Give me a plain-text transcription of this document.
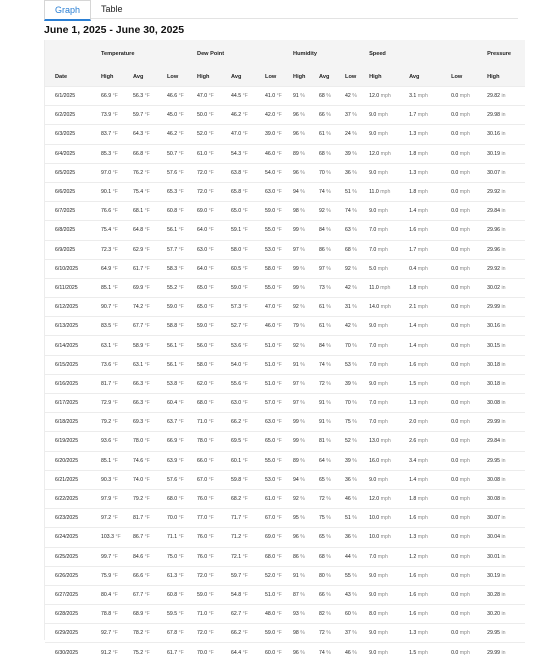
Graph	Table
June 1, 2025 - June 30, 2025
	Temperature			Dew Point			Humidity			Speed			Pressure
Date	High	Avg	Low	High	Avg	Low	High	Avg	Low	High	Avg	Low	High
6/1/2025	66.9 °F	56.3 °F	46.6 °F	47.0 °F	44.5 °F	41.0 °F	91 %	68 %	42 %	12.0 mph	3.1 mph	0.0 mph	29.82 in
6/2/2025	73.9 °F	59.7 °F	45.0 °F	50.0 °F	46.2 °F	42.0 °F	96 %	66 %	37 %	9.0 mph	1.7 mph	0.0 mph	29.98 in
6/3/2025	83.7 °F	64.3 °F	46.2 °F	52.0 °F	47.0 °F	39.0 °F	96 %	61 %	24 %	9.0 mph	1.3 mph	0.0 mph	30.16 in
6/4/2025	85.3 °F	66.8 °F	50.7 °F	61.0 °F	54.3 °F	46.0 °F	89 %	68 %	39 %	12.0 mph	1.8 mph	0.0 mph	30.19 in
6/5/2025	97.0 °F	76.2 °F	57.6 °F	72.0 °F	63.8 °F	54.0 °F	96 %	70 %	36 %	9.0 mph	1.3 mph	0.0 mph	30.07 in
6/6/2025	90.1 °F	75.4 °F	65.3 °F	72.0 °F	65.8 °F	63.0 °F	94 %	74 %	51 %	11.0 mph	1.8 mph	0.0 mph	29.92 in
6/7/2025	76.6 °F	68.1 °F	60.8 °F	69.0 °F	65.0 °F	59.0 °F	98 %	92 %	74 %	9.0 mph	1.4 mph	0.0 mph	29.84 in
6/8/2025	75.4 °F	64.8 °F	56.1 °F	64.0 °F	59.1 °F	55.0 °F	99 %	84 %	63 %	7.0 mph	1.6 mph	0.0 mph	29.96 in
6/9/2025	72.3 °F	62.9 °F	57.7 °F	63.0 °F	58.0 °F	53.0 °F	97 %	86 %	68 %	7.0 mph	1.7 mph	0.0 mph	29.96 in
6/10/2025	64.9 °F	61.7 °F	58.3 °F	64.0 °F	60.5 °F	58.0 °F	99 %	97 %	92 %	5.0 mph	0.4 mph	0.0 mph	29.92 in
6/11/2025	85.1 °F	69.9 °F	55.2 °F	65.0 °F	59.0 °F	55.0 °F	99 %	73 %	42 %	11.0 mph	1.8 mph	0.0 mph	30.02 in
6/12/2025	90.7 °F	74.2 °F	59.0 °F	65.0 °F	57.3 °F	47.0 °F	92 %	61 %	31 %	14.0 mph	2.1 mph	0.0 mph	29.99 in
6/13/2025	83.5 °F	67.7 °F	58.8 °F	59.0 °F	52.7 °F	46.0 °F	79 %	61 %	42 %	9.0 mph	1.4 mph	0.0 mph	30.16 in
6/14/2025	63.1 °F	58.9 °F	56.1 °F	56.0 °F	53.6 °F	51.0 °F	92 %	84 %	70 %	7.0 mph	1.4 mph	0.0 mph	30.15 in
6/15/2025	73.6 °F	63.1 °F	56.1 °F	58.0 °F	54.0 °F	51.0 °F	91 %	74 %	53 %	7.0 mph	1.6 mph	0.0 mph	30.18 in
6/16/2025	81.7 °F	66.3 °F	53.8 °F	62.0 °F	55.6 °F	51.0 °F	97 %	72 %	39 %	9.0 mph	1.5 mph	0.0 mph	30.18 in
6/17/2025	72.9 °F	66.3 °F	60.4 °F	68.0 °F	63.0 °F	57.0 °F	97 %	91 %	70 %	7.0 mph	1.3 mph	0.0 mph	30.08 in
6/18/2025	79.2 °F	69.3 °F	63.7 °F	71.0 °F	66.2 °F	63.0 °F	99 %	91 %	75 %	7.0 mph	2.0 mph	0.0 mph	29.99 in
6/19/2025	93.6 °F	78.0 °F	66.9 °F	78.0 °F	69.5 °F	65.0 °F	99 %	81 %	52 %	13.0 mph	2.6 mph	0.0 mph	29.84 in
6/20/2025	85.1 °F	74.6 °F	63.9 °F	66.0 °F	60.1 °F	55.0 °F	89 %	64 %	39 %	16.0 mph	3.4 mph	0.0 mph	29.95 in
6/21/2025	90.3 °F	74.0 °F	57.6 °F	67.0 °F	59.8 °F	53.0 °F	94 %	65 %	36 %	9.0 mph	1.4 mph	0.0 mph	30.08 in
6/22/2025	97.9 °F	79.2 °F	68.0 °F	76.0 °F	68.2 °F	61.0 °F	92 %	72 %	46 %	12.0 mph	1.8 mph	0.0 mph	30.08 in
6/23/2025	97.2 °F	81.7 °F	70.0 °F	77.0 °F	71.7 °F	67.0 °F	95 %	75 %	51 %	10.0 mph	1.6 mph	0.0 mph	30.07 in
6/24/2025	103.3 °F	86.7 °F	71.1 °F	76.0 °F	71.2 °F	69.0 °F	96 %	65 %	36 %	10.0 mph	1.3 mph	0.0 mph	30.04 in
6/25/2025	99.7 °F	84.6 °F	75.0 °F	76.0 °F	72.1 °F	68.0 °F	86 %	68 %	44 %	7.0 mph	1.2 mph	0.0 mph	30.01 in
6/26/2025	75.9 °F	66.6 °F	61.3 °F	72.0 °F	59.7 °F	52.0 °F	91 %	80 %	55 %	9.0 mph	1.6 mph	0.0 mph	30.19 in
6/27/2025	80.4 °F	67.7 °F	60.8 °F	59.0 °F	54.8 °F	51.0 °F	87 %	66 %	43 %	9.0 mph	1.6 mph	0.0 mph	30.28 in
6/28/2025	78.8 °F	68.9 °F	59.5 °F	71.0 °F	62.7 °F	48.0 °F	93 %	82 %	60 %	8.0 mph	1.6 mph	0.0 mph	30.20 in
6/29/2025	92.7 °F	78.2 °F	67.8 °F	72.0 °F	66.2 °F	59.0 °F	98 %	72 %	37 %	9.0 mph	1.3 mph	0.0 mph	29.95 in
6/30/2025	91.2 °F	75.2 °F	61.7 °F	70.0 °F	64.4 °F	60.0 °F	96 %	74 %	46 %	9.0 mph	1.5 mph	0.0 mph	29.99 in
